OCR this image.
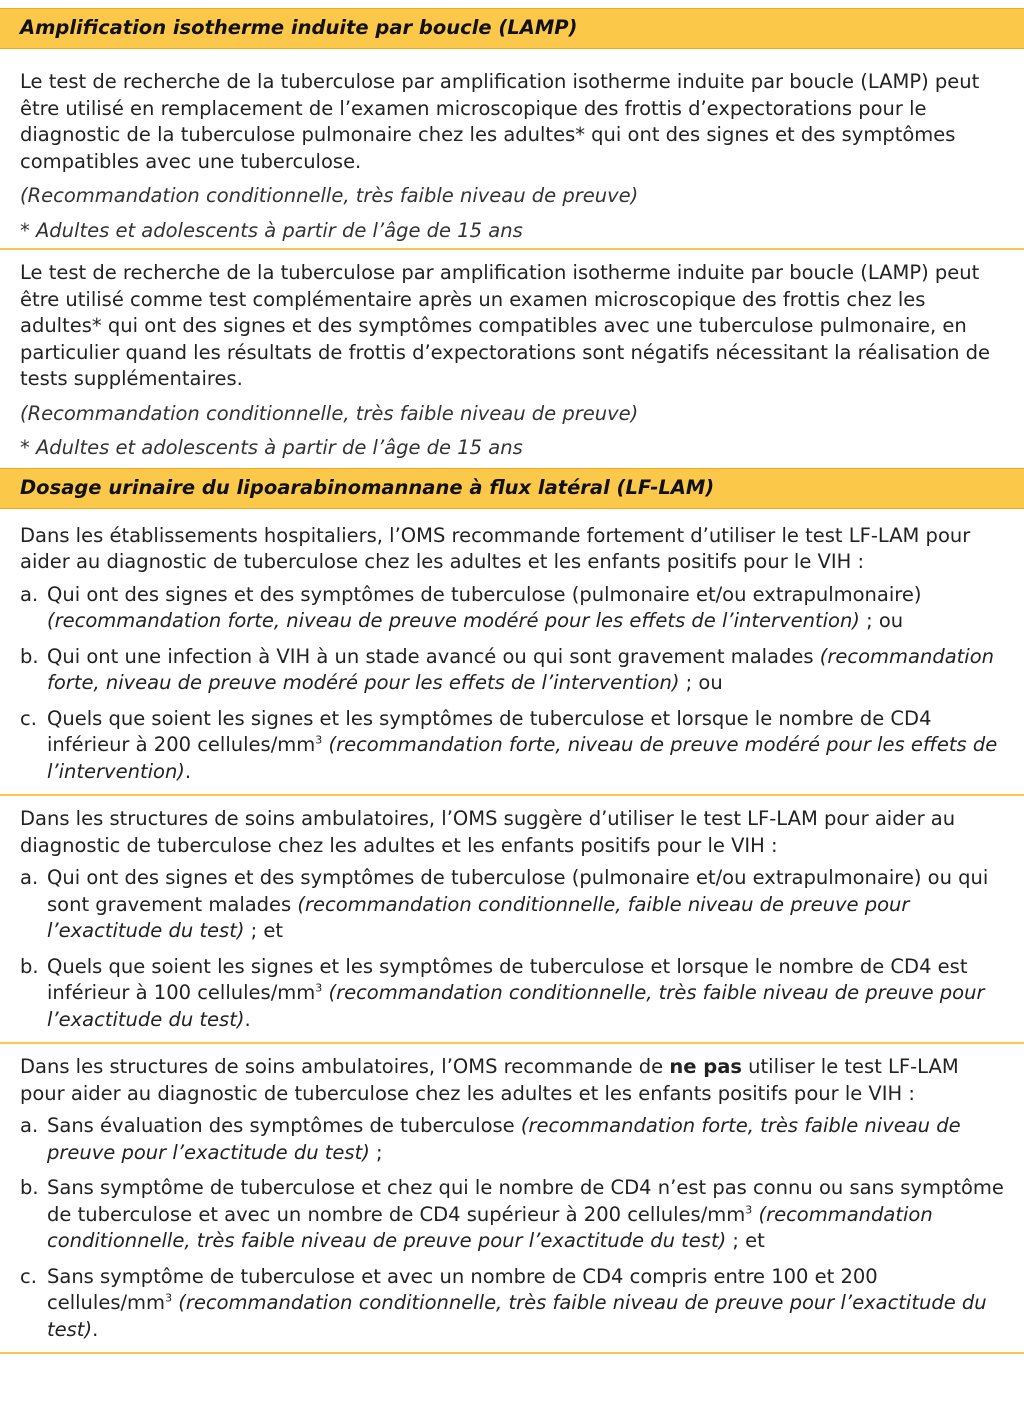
Amplification isotherme induite par boucle (LAMP)

Le test de recherche de la tuberculose par amplification isotherme induite par boucle (LAMP) peut être utilisé en remplacement de l’examen microscopique des frottis d’expectorations pour le diagnostic de la tuberculose pulmonaire chez les adultes* qui ont des signes et des symptômes compatibles avec une tuberculose.

(Recommandation conditionnelle, très faible niveau de preuve)

* Adultes et adolescents à partir de l’âge de 15 ans

Le test de recherche de la tuberculose par amplification isotherme induite par boucle (LAMP) peut être utilisé comme test complémentaire après un examen microscopique des frottis chez les adultes* qui ont des signes et des symptômes compatibles avec une tuberculose pulmonaire, en particulier quand les résultats de frottis d’expectorations sont négatifs nécessitant la réalisation de tests supplémentaires.

(Recommandation conditionnelle, très faible niveau de preuve)

* Adultes et adolescents à partir de l’âge de 15 ans

Dosage urinaire du lipoarabinomannane à flux latéral (LF-LAM)

Dans les établissements hospitaliers, l’OMS recommande fortement d’utiliser le test LF-LAM pour aider au diagnostic de tuberculose chez les adultes et les enfants positifs pour le VIH :

a. Qui ont des signes et des symptômes de tuberculose (pulmonaire et/ou extrapulmonaire) (recommandation forte, niveau de preuve modéré pour les effets de l’intervention) ; ou
b. Qui ont une infection à VIH à un stade avancé ou qui sont gravement malades (recommandation forte, niveau de preuve modéré pour les effets de l’intervention) ; ou
c. Quels que soient les signes et les symptômes de tuberculose et lorsque le nombre de CD4 inférieur à 200 cellules/$mm^3$ (recommandation forte, niveau de preuve modéré pour les effets de l’intervention).

Dans les structures de soins ambulatoires, l’OMS suggère d’utiliser le test LF-LAM pour aider au diagnostic de tuberculose chez les adultes et les enfants positifs pour le VIH :

a. Qui ont des signes et des symptômes de tuberculose (pulmonaire et/ou extrapulmonaire) ou qui sont gravement malades (recommandation conditionnelle, faible niveau de preuve pour l’exactitude du test) ; et
b. Quels que soient les signes et les symptômes de tuberculose et lorsque le nombre de CD4 est inférieur à 100 cellules/$mm^3$ (recommandation conditionnelle, très faible niveau de preuve pour l’exactitude du test).

Dans les structures de soins ambulatoires, l’OMS recommande de ne pas utiliser le test LF-LAM pour aider au diagnostic de tuberculose chez les adultes et les enfants positifs pour le VIH :

a. Sans évaluation des symptômes de tuberculose (recommandation forte, très faible niveau de preuve pour l’exactitude du test) ;
b. Sans symptôme de tuberculose et chez qui le nombre de CD4 n’est pas connu ou sans symptôme de tuberculose et avec un nombre de CD4 supérieur à 200 cellules/$mm^3$ (recommandation conditionnelle, très faible niveau de preuve pour l’exactitude du test) ; et
c. Sans symptôme de tuberculose et avec un nombre de CD4 compris entre 100 et 200 cellules/$mm^3$ (recommandation conditionnelle, très faible niveau de preuve pour l’exactitude du test).
